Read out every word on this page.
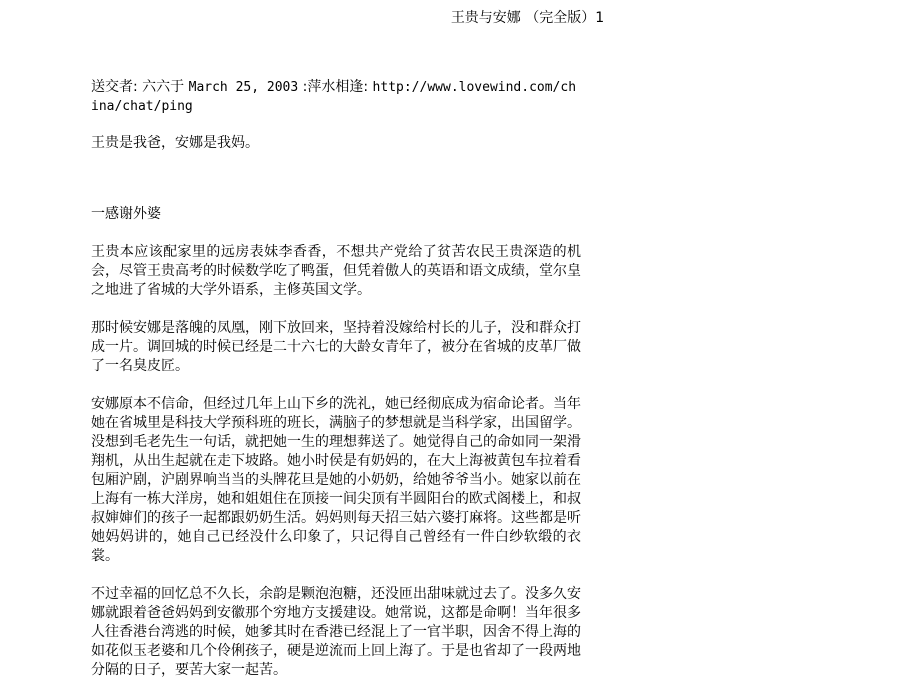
王贵与安娜 （完全版）1

送交者: 六六于 March 25, 2003 :萍水相逢: http://www.lovewind.com/china/chat/ping

王贵是我爸，安娜是我妈。

一感谢外婆

王贵本应该配家里的远房表妹李香香，不想共产党给了贫苦农民王贵深造的机会，尽管王贵高考的时候数学吃了鸭蛋，但凭着傲人的英语和语文成绩，堂尔皇之地进了省城的大学外语系，主修英国文学。

那时候安娜是落魄的凤凰，刚下放回来，坚持着没嫁给村长的儿子，没和群众打成一片。调回城的时候已经是二十六七的大龄女青年了，被分在省城的皮革厂做了一名臭皮匠。

安娜原本不信命，但经过几年上山下乡的洗礼，她已经彻底成为宿命论者。当年她在省城里是科技大学预科班的班长，满脑子的梦想就是当科学家，出国留学。没想到毛老先生一句话，就把她一生的理想葬送了。她觉得自己的命如同一架滑翔机，从出生起就在走下坡路。她小时侯是有奶妈的，在大上海被黄包车拉着看包厢沪剧，沪剧界响当当的头牌花旦是她的小奶奶，给她爷爷当小。她家以前在上海有一栋大洋房，她和姐姐住在顶接一间尖顶有半圆阳台的欧式阁楼上，和叔叔婶婶们的孩子一起都跟奶奶生活。妈妈则每天招三姑六婆打麻将。这些都是听她妈妈讲的，她自己已经没什么印象了，只记得自己曾经有一件白纱软缎的衣裳。

不过幸福的回忆总不久长，余韵是颗泡泡糖，还没匝出甜味就过去了。没多久安娜就跟着爸爸妈妈到安徽那个穷地方支援建设。她常说，这都是命啊！当年很多人往香港台湾逃的时候，她爹其时在香港已经混上了一官半职，因舍不得上海的如花似玉老婆和几个伶俐孩子，硬是逆流而上回上海了。于是也省却了一段两地分隔的日子，要苦大家一起苦。
